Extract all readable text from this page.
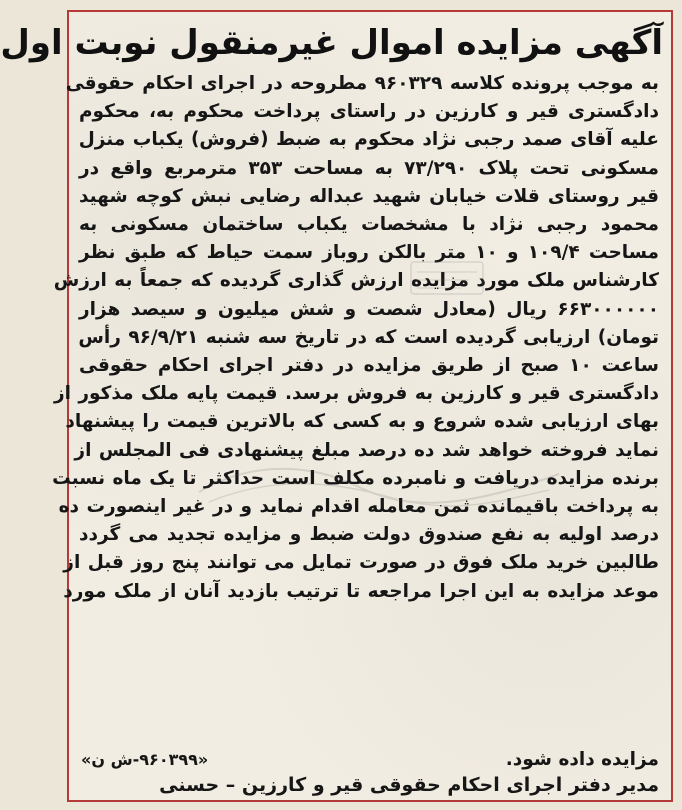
آگهی مزایده اموال غیرمنقول نوبت اول
به موجب پرونده کلاسه ۹۶۰۳۲۹ مطروحه در اجرای احکام حقوقی
دادگستری قیر و کارزین در راستای پرداخت محکوم به، محکوم
علیه آقای صمد رجبی نژاد محکوم به ضبط (فروش) یکباب منزل
مسکونی تحت پلاک ۷۳/۲۹۰ به مساحت ۳۵۳ مترمربع واقع در
قیر روستای قلات خیابان شهید عبداله رضایی نبش کوچه شهید
محمود رجبی نژاد با مشخصات یکباب ساختمان مسکونی به
مساحت ۱۰۹/۴ و ۱۰ متر بالکن روباز سمت حیاط که طبق نظر
کارشناس ملک مورد مزایده ارزش گذاری گردیده که جمعاً به ارزش
۶۶۳۰۰۰۰۰۰ ریال (معادل شصت و شش میلیون و سیصد هزار
تومان) ارزیابی گردیده است که در تاریخ سه شنبه ۹۶/۹/۲۱ رأس
ساعت ۱۰ صبح از طریق مزایده در دفتر اجرای احکام حقوقی
دادگستری قیر و کارزین به فروش برسد. قیمت پایه ملک مذکور از
بهای ارزیابی شده شروع و به کسی که بالاترین قیمت را پیشنهاد
نماید فروخته خواهد شد ده درصد مبلغ پیشنهادی فی المجلس از
برنده مزایده دریافت و نامبرده مکلف است حداکثر تا یک ماه نسبت
به پرداخت باقیمانده ثمن معامله اقدام نماید و در غیر اینصورت ده
درصد اولیه به نفع صندوق دولت ضبط و مزایده تجدید می گردد
طالبین خرید ملک فوق در صورت تمایل می توانند پنج روز قبل از
موعد مزایده به این اجرا مراجعه تا ترتیب بازدید آنان از ملک مورد
مزایده داده شود.
«۹۶۰۳۹۹-ش ن»
مدیر دفتر اجرای احکام حقوقی قیر و کارزین – حسنی
